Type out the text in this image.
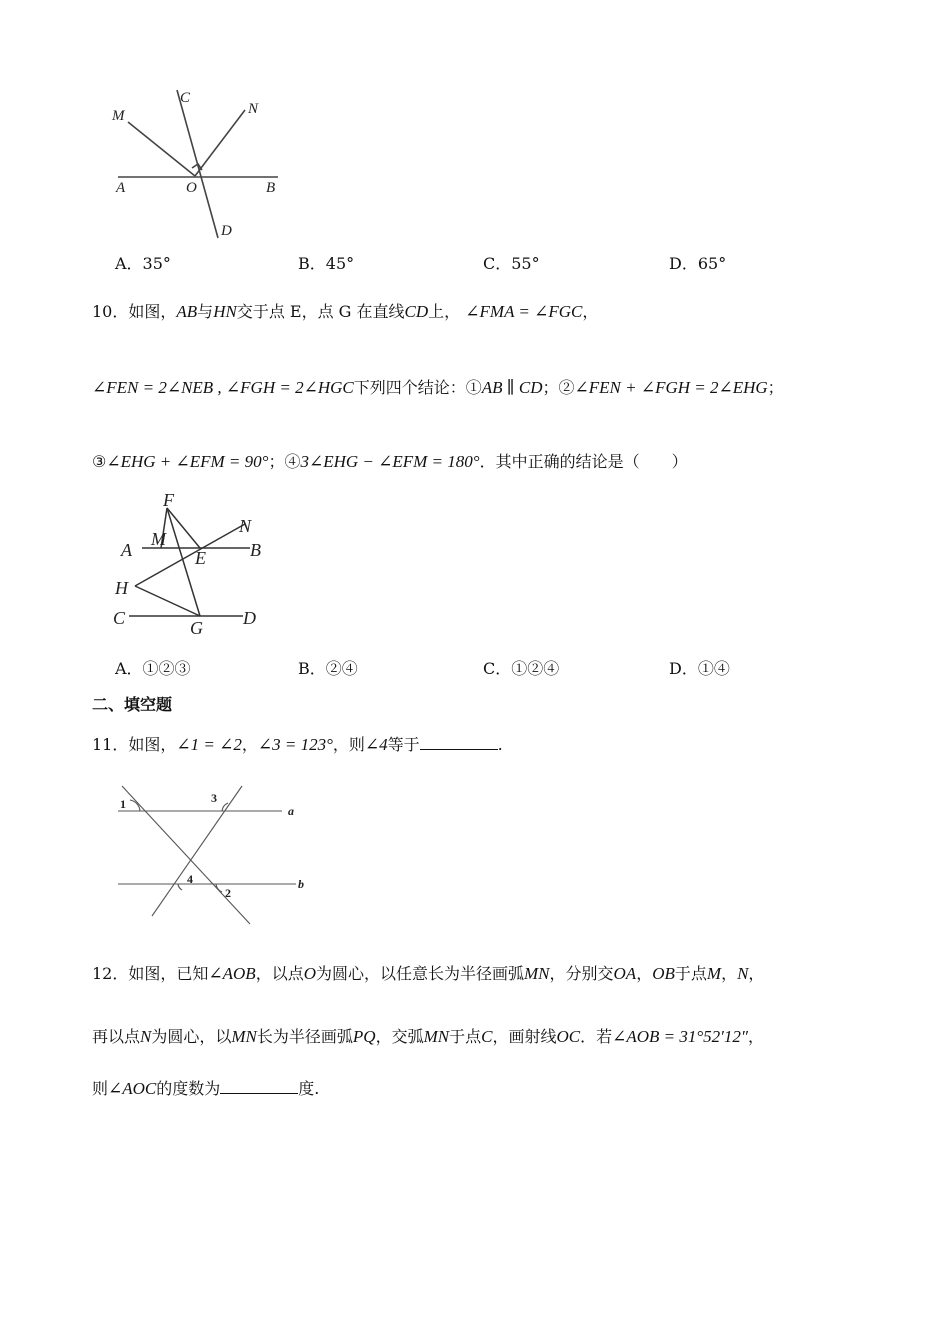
M
C
N
A	O	B
D
A．35°	B．45°	C．55°	D．65°
10．如图，AB与HN交于点 E，点 G 在直线CD上， ∠FMA = ∠FGC，
∠FEN = 2∠NEB , ∠FGH = 2∠HGC下列四个结论：①AB ∥ CD；②∠FEN + ∠FGH = 2∠EHG；
③∠EHG + ∠EFM = 90°；④3∠EHG − ∠EFM = 180°．其中正确的结论是（　　）
F
M
N
A	E B
H
C	G D
A．①②③	B．②④	C．①②④	D．①④
二、填空题
11．如图，∠1 = ∠2，∠3 = 123°，则∠4等于	.
1	3
a
4
2
b
12．如图，已知∠AOB，以点O为圆心，以任意长为半径画弧MN，分别交OA，OB于点M，N，
再以点N为圆心，以MN长为半径画弧PQ，交弧MN于点C，画射线OC．若∠AOB = 31°52′12″，
则∠AOC的度数为	度.
